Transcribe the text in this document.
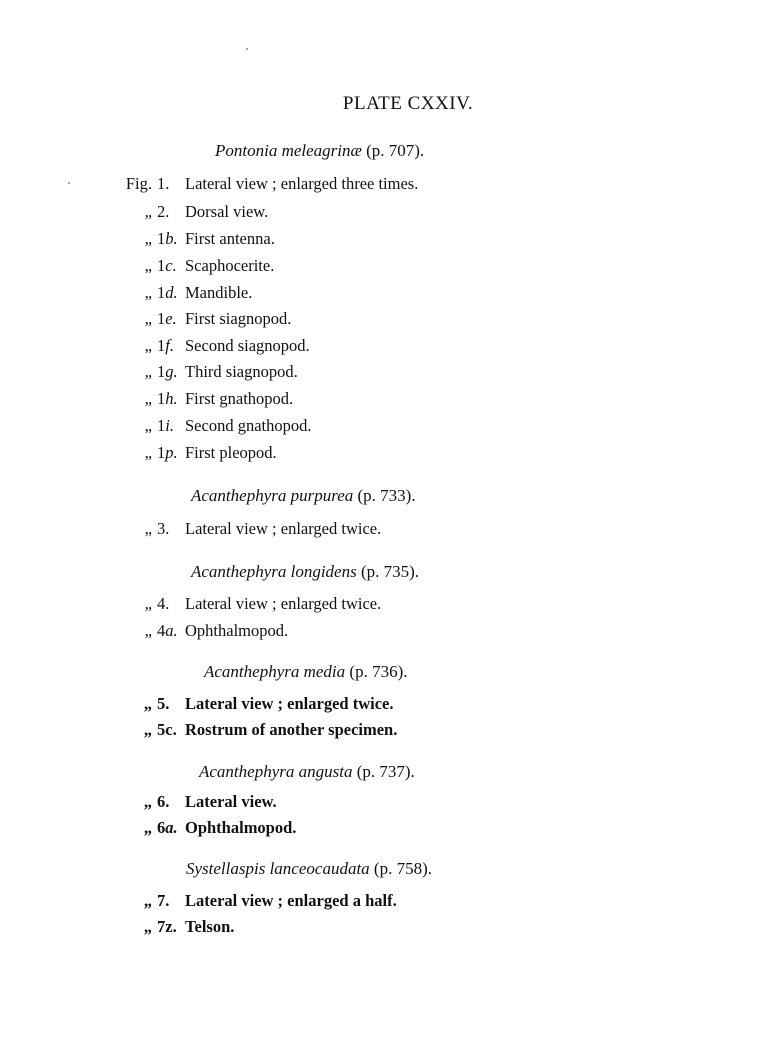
PLATE CXXIV.
Pontonia meleagrinæ (p. 707).
Fig. 1. Lateral view ; enlarged three times.
„ 2. Dorsal view.
„ 1b. First antenna.
„ 1c. Scaphocerite.
„ 1d. Mandible.
„ 1e. First siagnopod.
„ 1f. Second siagnopod.
„ 1g. Third siagnopod.
„ 1h. First gnathopod.
„ 1i. Second gnathopod.
„ 1p. First pleopod.
Acanthephyra purpurea (p. 733).
„ 3. Lateral view ; enlarged twice.
Acanthephyra longidens (p. 735).
„ 4. Lateral view ; enlarged twice.
„ 4a. Ophthalmopod.
Acanthephyra media (p. 736).
„ 5. Lateral view ; enlarged twice.
„ 5c. Rostrum of another specimen.
Acanthephyra angusta (p. 737).
„ 6. Lateral view.
„ 6a. Ophthalmopod.
Systellaspis lanceocaudata (p. 758).
„ 7. Lateral view ; enlarged a half.
„ 7z. Telson.
